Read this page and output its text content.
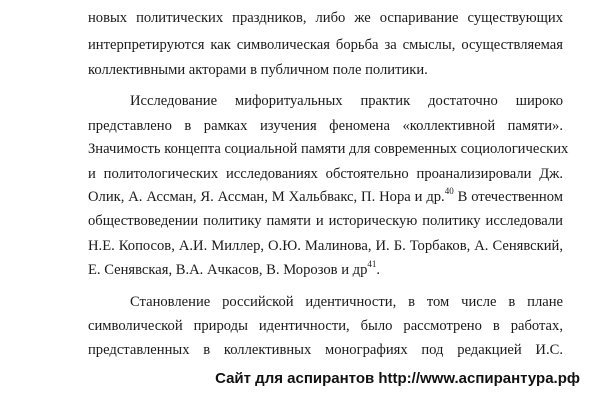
новых политических праздников, либо же оспаривание существующих
интерпретируются как символическая борьба за смыслы, осуществляемая
коллективными акторами в публичном поле политики.
Исследование мифоритуальных практик достаточно широко
представлено в рамках изучения феномена «коллективной памяти».
Значимость концепта социальной памяти для современных социологических
и политологических исследованиях обстоятельно проанализировали Дж.
Олик, А. Ассман, Я. Ассман, М Хальбвакс, П. Нора и др.$^{40}$ В отечественном
обществоведении политику памяти и историческую политику исследовали
Н.Е. Копосов, А.И. Миллер, О.Ю. Малинова, И. Б. Торбаков, А. Сенявский,
Е. Сенявская, В.А. Ачкасов, В. Морозов и $др^{41}$.
Становление российской идентичности, в том числе в плане
символической природы идентичности, было рассмотрено в работах,
представленных в коллективных монографиях под редакцией И.С.
Сайт для аспирантов http://www.аспирантура.рф
